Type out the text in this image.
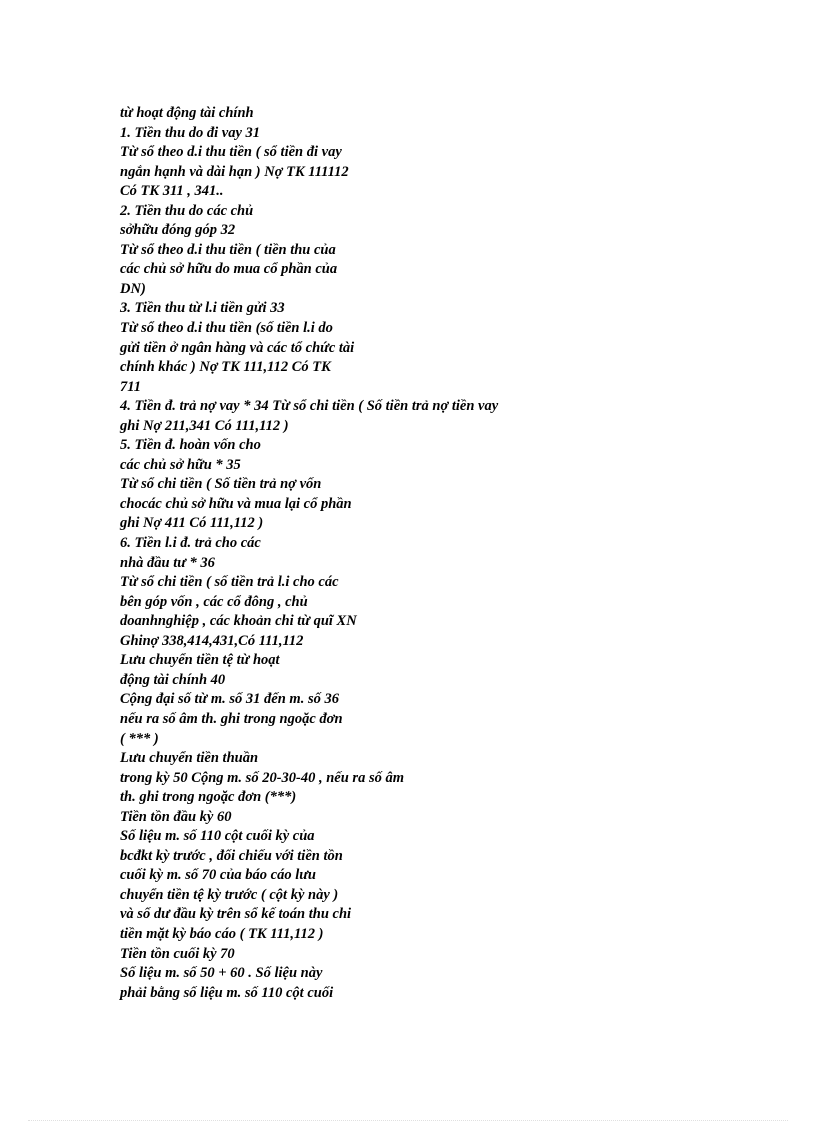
từ hoạt động tài chính
1. Tiền thu do đi vay 31
Từ sổ theo d.i thu tiền ( sổ tiền đi vay
ngắn hạnh và dài hạn ) Nợ TK 111112
Có TK 311 , 341..
2. Tiền thu do các chủ
sởhữu đóng góp 32
Từ sổ theo d.i thu tiền ( tiền thu của
các chủ sở hữu do mua cổ phần của
DN)
3. Tiền thu từ l.i tiền gửi 33
Từ sổ theo d.i thu tiền (số tiền l.i do
gửi tiền ở ngân hàng và các tổ chức tài
chính khác ) Nợ TK 111,112 Có TK
711
4. Tiền đ. trả nợ vay * 34 Từ sổ chi tiền ( Số tiền trả nợ tiền vay
ghi Nợ 211,341 Có 111,112 )
5. Tiền đ. hoàn vốn cho
các chủ sở hữu * 35
Từ sổ chi tiền ( Số tiền trả nợ vốn
chocác chủ sở hữu và mua lại cổ phần
ghi Nợ 411 Có 111,112 )
6. Tiền l.i đ. trả cho các
nhà đầu tư * 36
Từ sổ chi tiền ( số tiền trả l.i cho các
bên góp vốn , các cổ đông , chủ
doanhnghiệp , các khoản chi từ quĩ XN
Ghinợ 338,414,431,Có 111,112
Lưu chuyển tiền tệ từ hoạt
động tài chính 40
Cộng đại số từ m. số 31 đến m. số 36
nếu ra số âm th. ghi trong ngoặc đơn
( *** )
Lưu chuyển tiền thuần
trong kỳ 50 Cộng m. số 20-30-40 , nếu ra số âm
th. ghi trong ngoặc đơn (***)
Tiền tồn đầu kỳ 60
Số liệu m. số 110 cột cuối kỳ của
bcđkt kỳ trước , đối chiếu với tiền tồn
cuối kỳ m. số 70 của báo cáo lưu
chuyển tiền tệ kỳ trước ( cột kỳ này )
và số dư đầu kỳ trên sổ kế toán thu chi
tiền mặt kỳ báo cáo ( TK 111,112 )
Tiền tồn cuối kỳ 70
Số liệu m. số 50 + 60 . Số liệu này
phải bằng số liệu m. số 110 cột cuối
